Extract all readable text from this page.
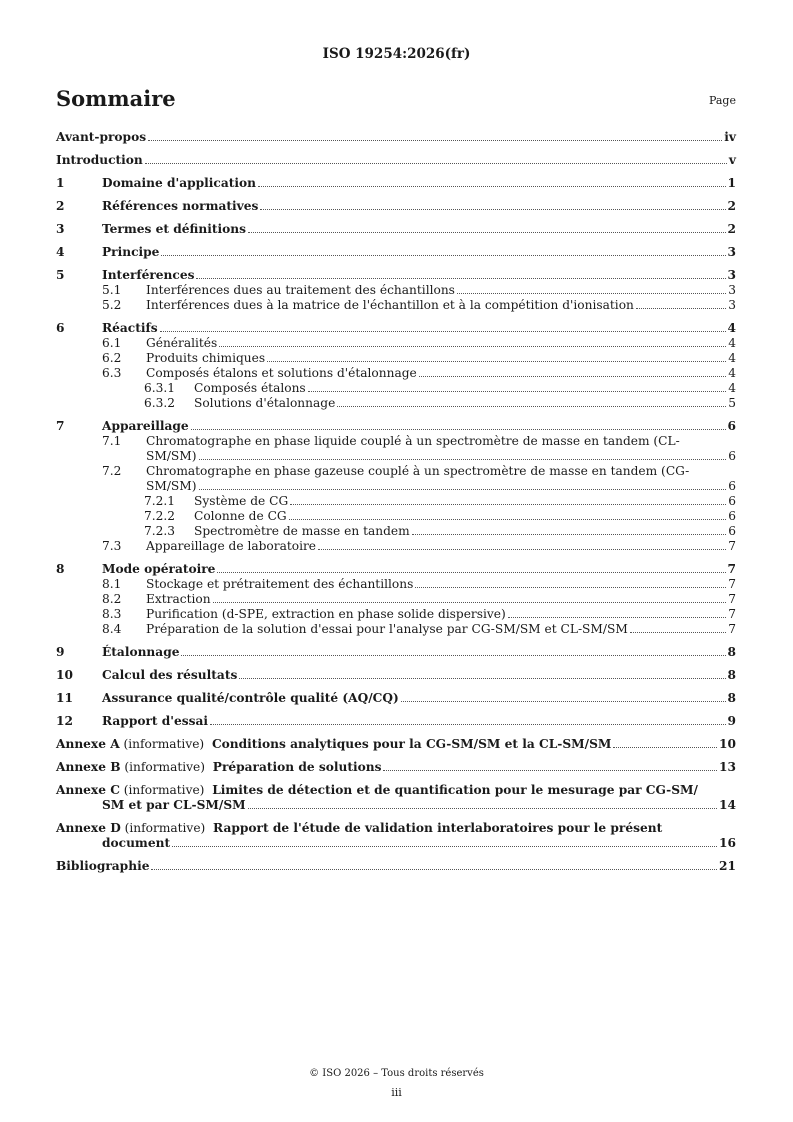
ISO 19254:2026(fr)
Sommaire	Page
Avant-propos	iv
Introduction	v
1	Domaine d'application	1
2	Références normatives	2
3	Termes et définitions	2
4	Principe	3
5	Interférences	3
5.1	Interférences dues au traitement des échantillons	3
5.2	Interférences dues à la matrice de l'échantillon et à la compétition d'ionisation	3
6	Réactifs	4
6.1	Généralités	4
6.2	Produits chimiques	4
6.3	Composés étalons et solutions d'étalonnage	4
6.3.1	Composés étalons	4
6.3.2	Solutions d'étalonnage	5
7	Appareillage	6
7.1	Chromatographe en phase liquide couplé à un spectromètre de masse en tandem (CL-
SM/SM)	6
7.2	Chromatographe en phase gazeuse couplé à un spectromètre de masse en tandem (CG-
SM/SM)	6
7.2.1	Système de CG	6
7.2.2	Colonne de CG	6
7.2.3	Spectromètre de masse en tandem	6
7.3	Appareillage de laboratoire	7
8	Mode opératoire	7
8.1	Stockage et prétraitement des échantillons	7
8.2	Extraction	7
8.3	Purification (d-SPE, extraction en phase solide dispersive)	7
8.4	Préparation de la solution d'essai pour l'analyse par CG-SM/SM et CL-SM/SM	7
9	Étalonnage	8
10	Calcul des résultats	8
11	Assurance qualité/contrôle qualité (AQ/CQ)	8
12	Rapport d'essai	9
Annexe A (informative) Conditions analytiques pour la CG-SM/SM et la CL-SM/SM	10
Annexe B (informative) Préparation de solutions	13
Annexe C (informative) Limites de détection et de quantification pour le mesurage par CG-SM/
SM et par CL-SM/SM	14
Annexe D (informative) Rapport de l'étude de validation interlaboratoires pour le présent
document	16
Bibliographie	21
© ISO 2026 – Tous droits réservés
iii
